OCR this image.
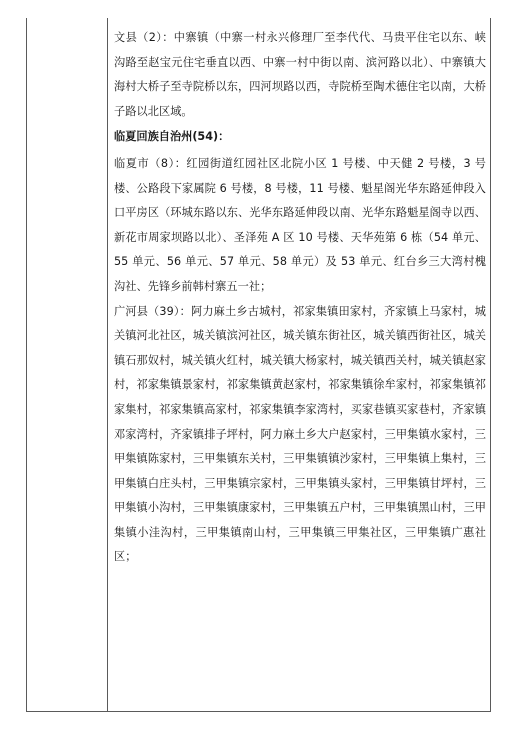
文县（2）：中寨镇（中寨一村永兴修理厂至李代代、马贵平住宅以东、峡沟路至赵宝元住宅垂直以西、中寨一村中街以南、滨河路以北）、中寨镇大海村大桥子至寺院桥以东，四河坝路以西，寺院桥至陶术德住宅以南，大桥子路以北区域。

临夏回族自治州(54)：

临夏市（8）：红园街道红园社区北院小区 1 号楼、中天健 2 号楼，3 号楼、公路段下家属院 6 号楼，8 号楼，11 号楼、魁星阁光华东路延伸段入口平房区（环城东路以东、光华东路延伸段以南、光华东路魁星阁寺以西、新花市周家坝路以北）、圣泽苑 A 区 10 号楼、天华苑第 6 栋（54 单元、55 单元、56 单元、57 单元、58 单元）及 53 单元、红台乡三大湾村槐沟社、先锋乡前韩村寨五一社；

广河县（39）：阿力麻土乡古城村，祁家集镇田家村，齐家镇上马家村，城关镇河北社区，城关镇滨河社区，城关镇东街社区，城关镇西街社区，城关镇石那奴村，城关镇火红村，城关镇大杨家村，城关镇西关村，城关镇赵家村，祁家集镇景家村，祁家集镇黄赵家村，祁家集镇徐牟家村，祁家集镇祁家集村，祁家集镇高家村，祁家集镇李家湾村，买家巷镇买家巷村，齐家镇邓家湾村，齐家镇排子坪村，阿力麻土乡大户赵家村，三甲集镇水家村，三甲集镇陈家村，三甲集镇东关村，三甲集镇镇沙家村，三甲集镇上集村，三甲集镇白庄头村，三甲集镇宗家村，三甲集镇头家村，三甲集镇甘坪村，三甲集镇小沟村，三甲集镇康家村，三甲集镇五户村，三甲集镇黑山村，三甲集镇小洼沟村，三甲集镇南山村，三甲集镇三甲集社区，三甲集镇广惠社区；
